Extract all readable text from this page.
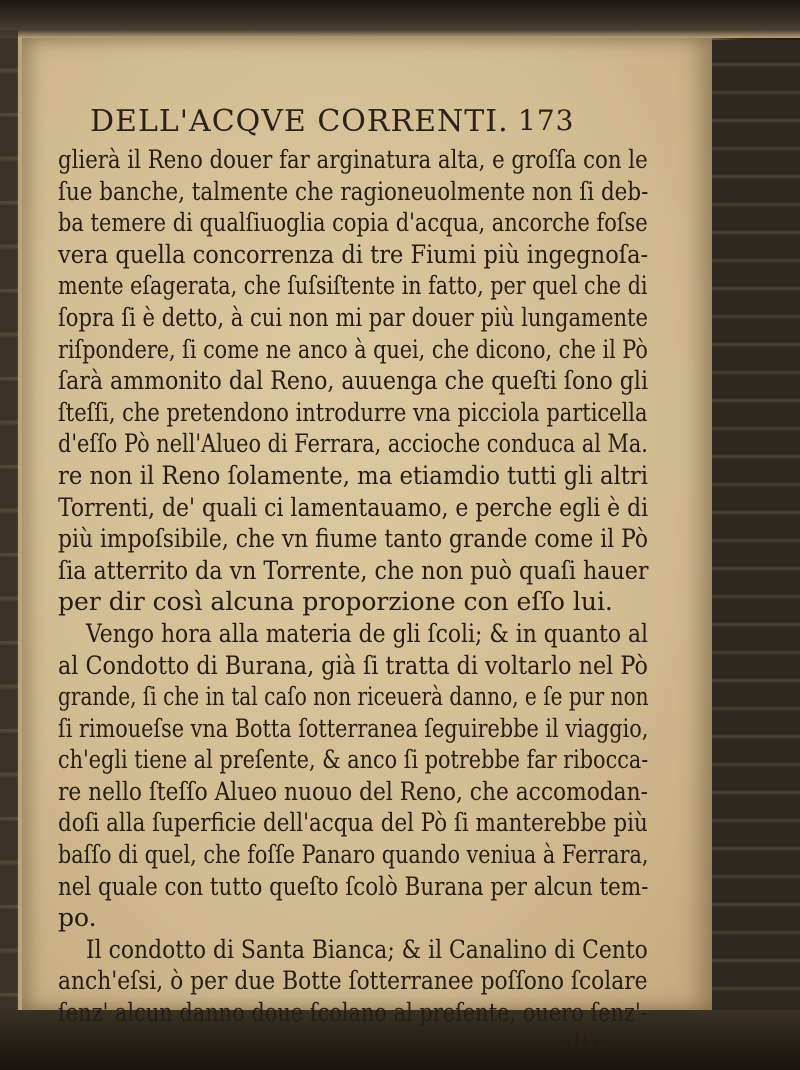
DELL'ACQVE CORRENTI. 173
glierà il Reno douer far arginatura alta, e groſſa con le
ſue banche, talmente che ragioneuolmente non ſi deb-
ba temere di qualſiuoglia copia d'acqua, ancorche foſse
vera quella concorrenza di tre Fiumi più ingegnoſa-
mente eſagerata, che ſuſsiſtente in fatto, per quel che di
ſopra ſi è detto, à cui non mi par douer più lungamente
riſpondere, ſi come ne anco à quei, che dicono, che il Pò
ſarà ammonito dal Reno, auuenga che queſti ſono gli
ſteſſi, che pretendono introdurre vna picciola particella
d'eſſo Pò nell'Alueo di Ferrara, accioche conduca al Ma.
re non il Reno ſolamente, ma etiamdio tutti gli altri
Torrenti, de' quali ci lamentauamo, e perche egli è di
più impoſsibile, che vn fiume tanto grande come il Pò
ſia atterrito da vn Torrente, che non può quaſi hauer
per dir così alcuna proporzione con eſſo lui.
Vengo hora alla materia de gli ſcoli; & in quanto al
al Condotto di Burana, già ſi tratta di voltarlo nel Pò
grande, ſi che in tal caſo non riceuerà danno, e ſe pur non
ſi rimoueſse vna Botta ſotterranea ſeguirebbe il viaggio,
ch'egli tiene al preſente, & anco ſi potrebbe far ribocca-
re nello ſteſſo Alueo nuouo del Reno, che accomodan-
doſi alla ſuperficie dell'acqua del Pò ſi manterebbe più
baſſo di quel, che foſſe Panaro quando veniua à Ferrara,
nel quale con tutto queſto ſcolò Burana per alcun tem-
po.
Il condotto di Santa Bianca; & il Canalino di Cento
anch'eſsi, ò per due Botte ſotterranee poſſono ſcolare
ſenz' alcun danno doue ſcolano al preſente, ouero ſenz'-
altra
